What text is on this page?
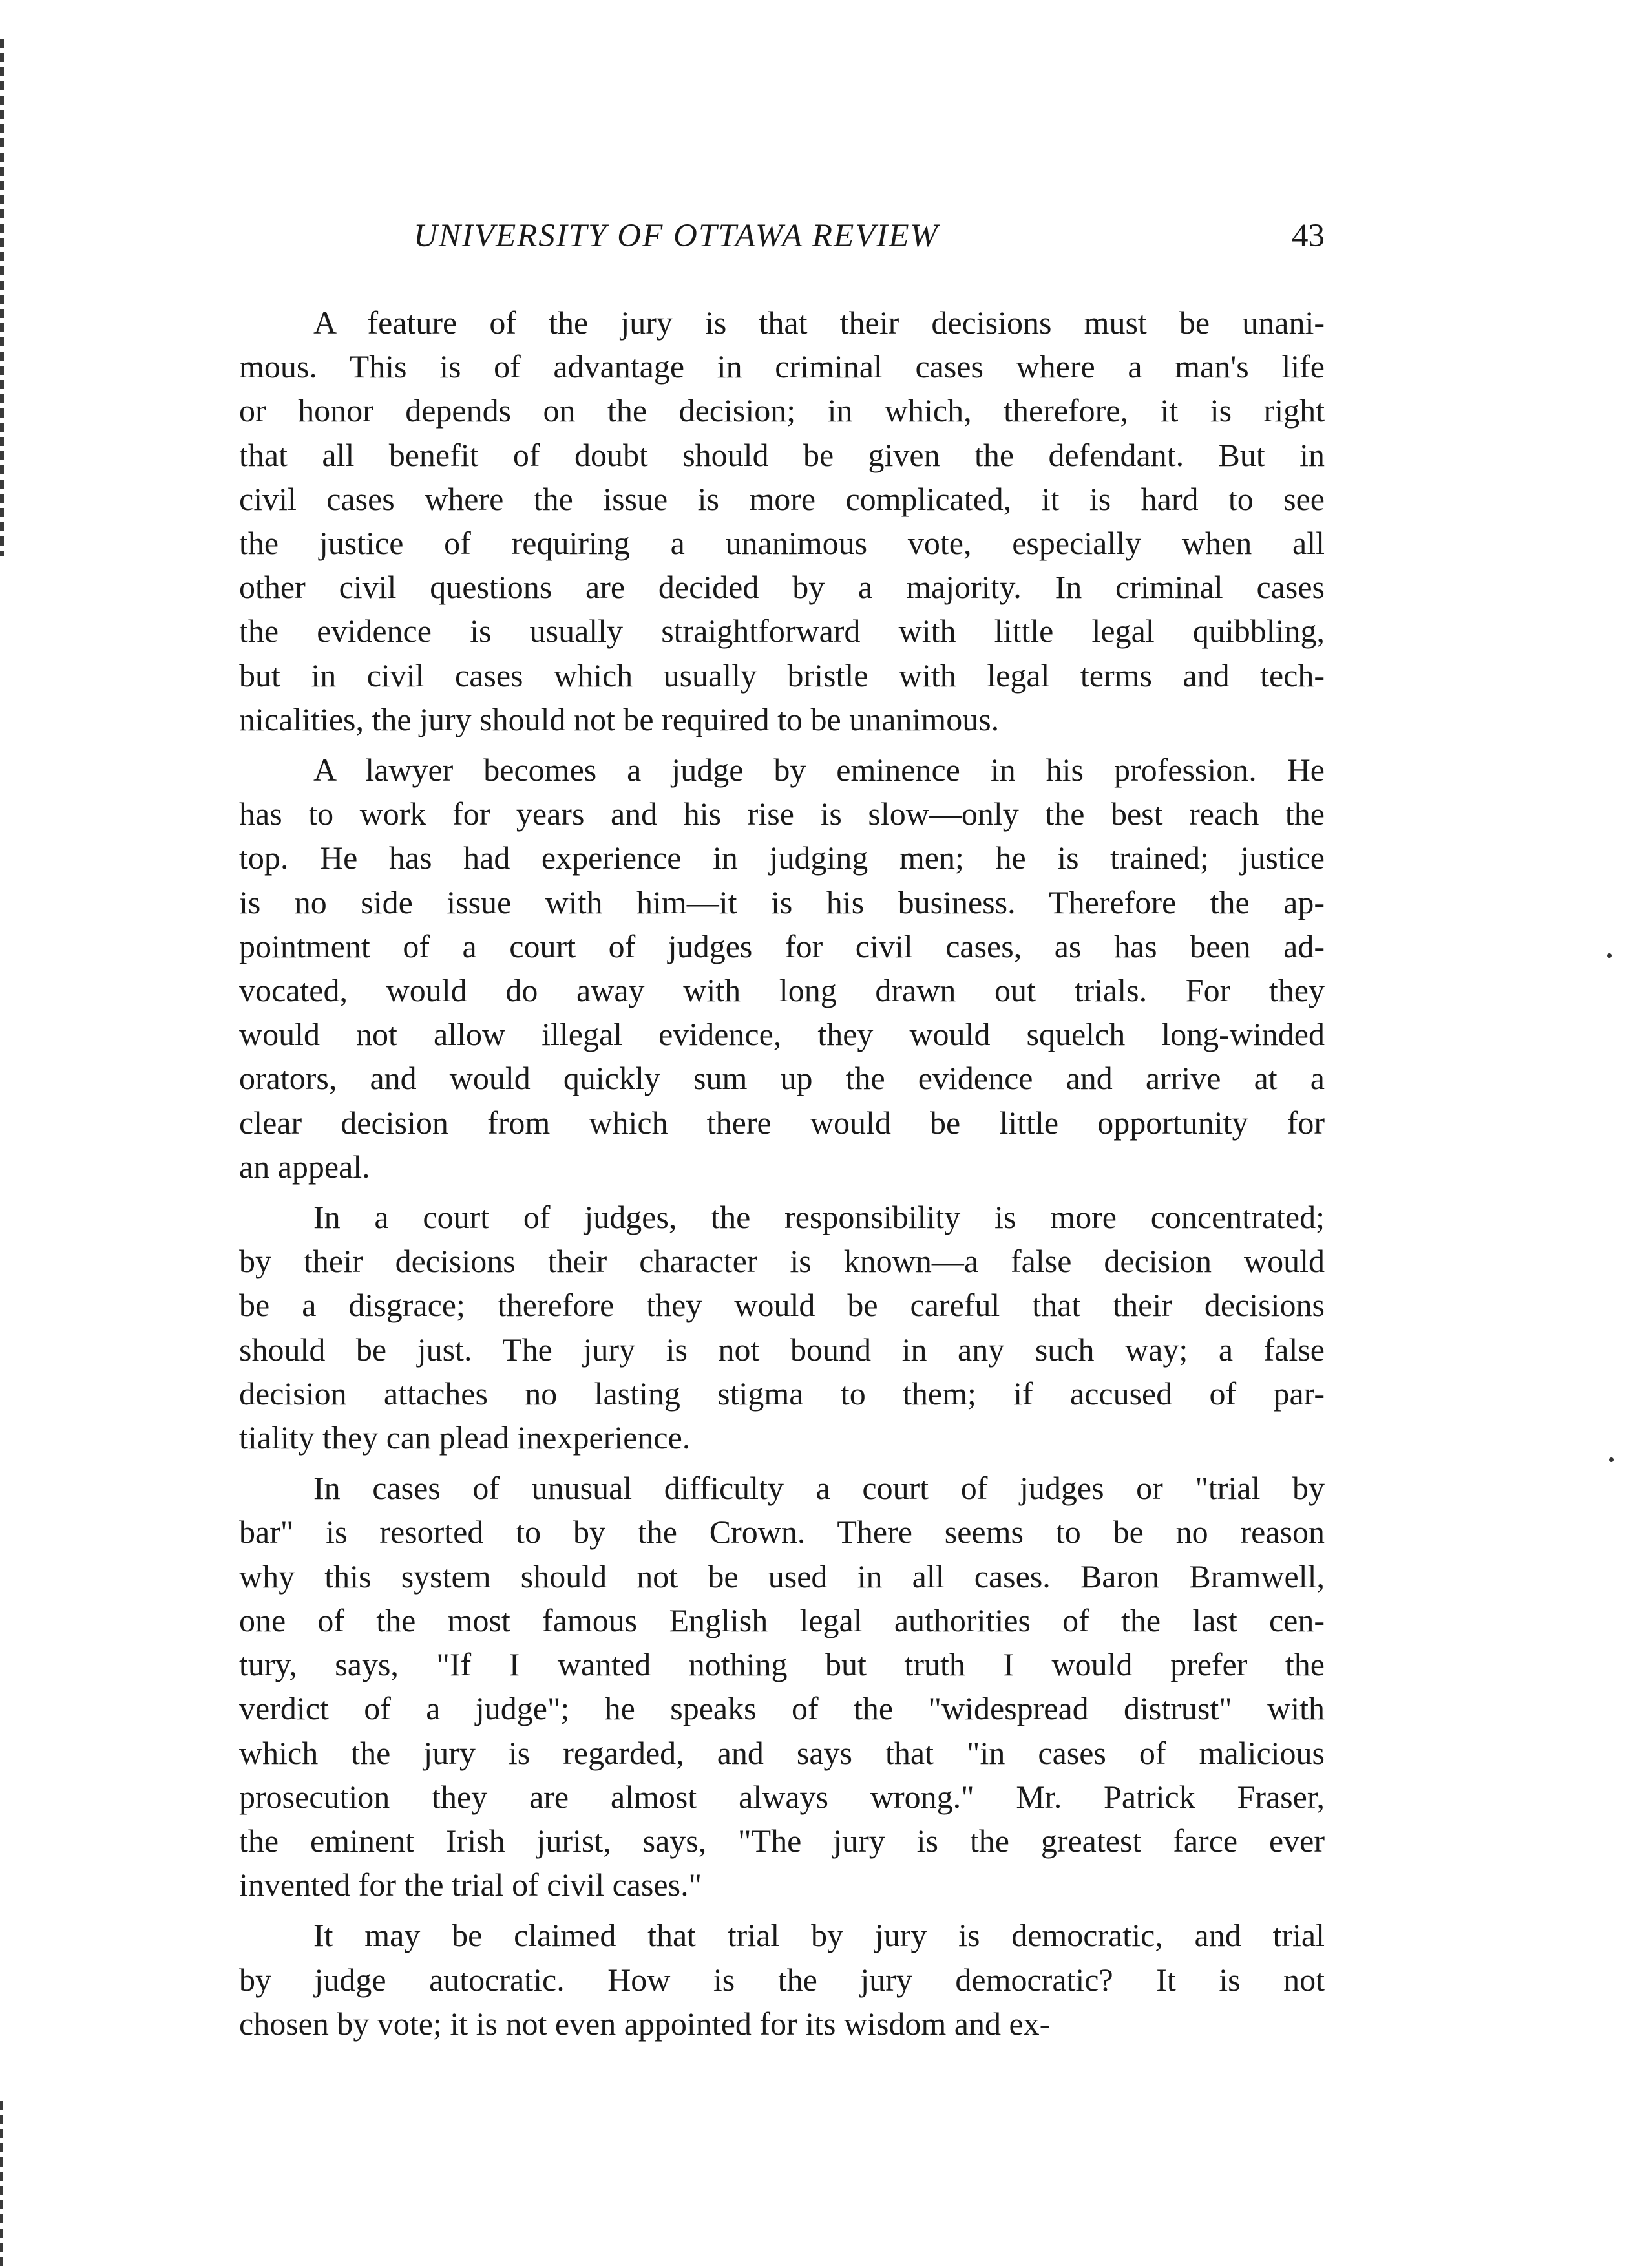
UNIVERSITY OF OTTAWA REVIEW	43

A feature of the jury is that their decisions must be unani-
mous. This is of advantage in criminal cases where a man's life
or honor depends on the decision; in which, therefore, it is right
that all benefit of doubt should be given the defendant. But in
civil cases where the issue is more complicated, it is hard to see
the justice of requiring a unanimous vote, especially when all
other civil questions are decided by a majority. In criminal cases
the evidence is usually straightforward with little legal quibbling,
but in civil cases which usually bristle with legal terms and tech-
nicalities, the jury should not be required to be unanimous.

A lawyer becomes a judge by eminence in his profession. He
has to work for years and his rise is slow—only the best reach the
top. He has had experience in judging men; he is trained; justice
is no side issue with him—it is his business. Therefore the ap-
pointment of a court of judges for civil cases, as has been ad-
vocated, would do away with long drawn out trials. For they
would not allow illegal evidence, they would squelch long-winded
orators, and would quickly sum up the evidence and arrive at a
clear decision from which there would be little opportunity for
an appeal.

In a court of judges, the responsibility is more concentrated;
by their decisions their character is known—a false decision would
be a disgrace; therefore they would be careful that their decisions
should be just. The jury is not bound in any such way; a false
decision attaches no lasting stigma to them; if accused of par-
tiality they can plead inexperience.

In cases of unusual difficulty a court of judges or "trial by
bar" is resorted to by the Crown. There seems to be no reason
why this system should not be used in all cases. Baron Bramwell,
one of the most famous English legal authorities of the last cen-
tury, says, "If I wanted nothing but truth I would prefer the
verdict of a judge"; he speaks of the "widespread distrust" with
which the jury is regarded, and says that "in cases of malicious
prosecution they are almost always wrong." Mr. Patrick Fraser,
the eminent Irish jurist, says, "The jury is the greatest farce ever
invented for the trial of civil cases."

It may be claimed that trial by jury is democratic, and trial
by judge autocratic. How is the jury democratic? It is not
chosen by vote; it is not even appointed for its wisdom and ex-
